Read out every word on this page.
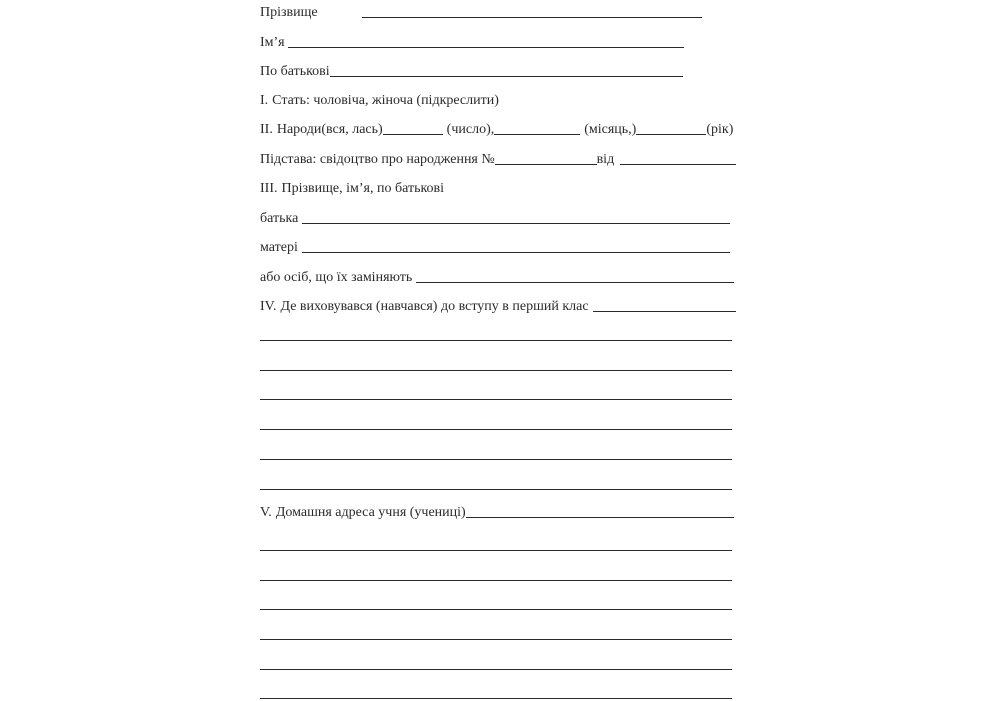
Прізвище
Ім’я
По батькові
I. Стать: чоловіча, жіноча (підкреслити)
II. Народи(вся, лась)	(число),	(місяць,)	(рік)
Підстава: свідоцтво про народження №	від
III. Прізвище, ім’я, по батькові
батька
матері
або осіб, що їх заміняють
IV. Де виховувався (навчався) до вступу в перший клас
V. Домашня адреса учня (учениці)
